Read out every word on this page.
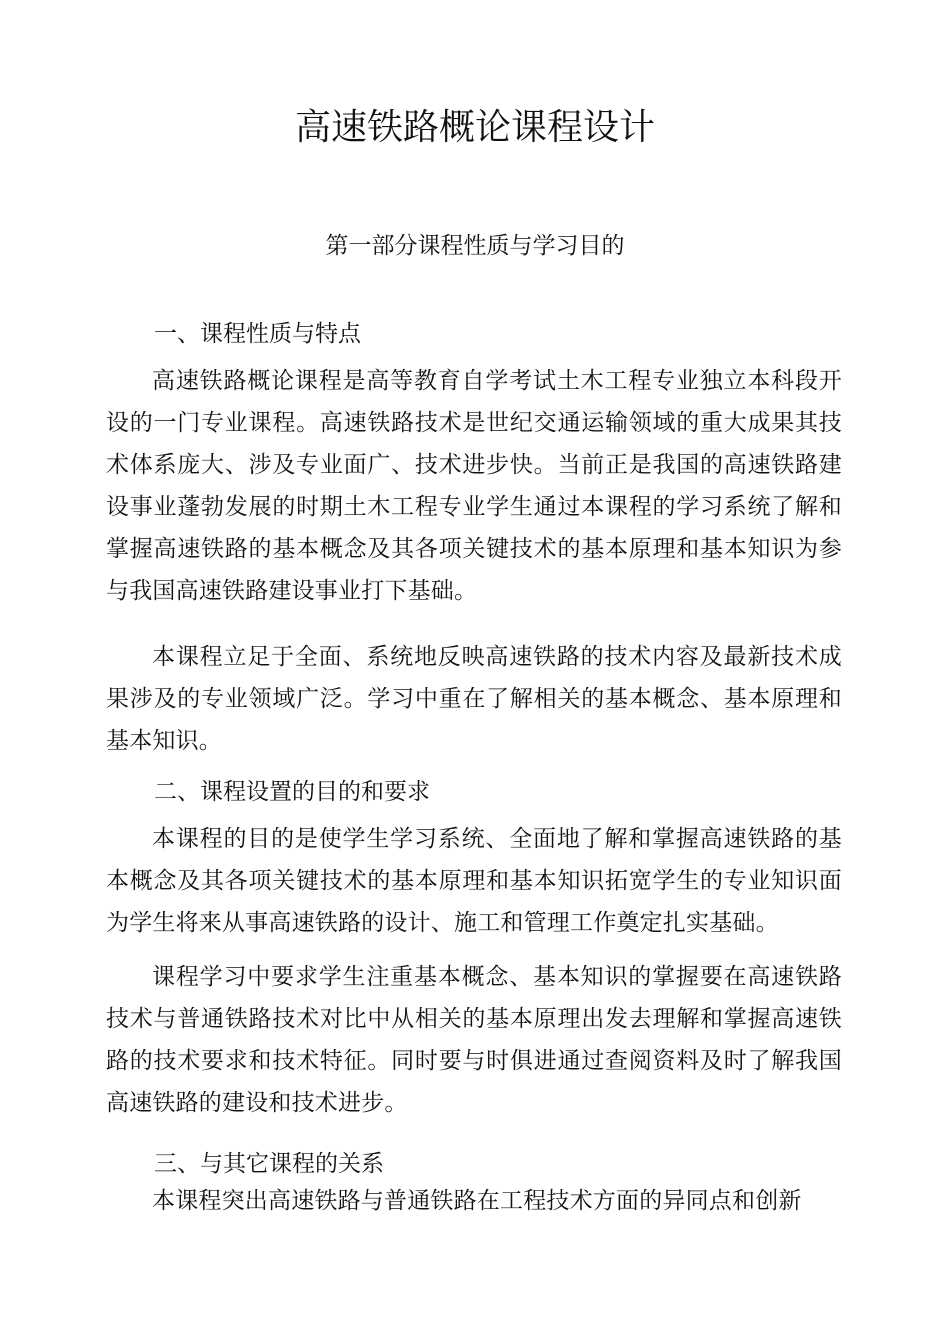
高速铁路概论课程设计
第一部分课程性质与学习目的
一、课程性质与特点
高速铁路概论课程是高等教育自学考试土木工程专业独立本科段开设的一门专业课程。高速铁路技术是世纪交通运输领域的重大成果其技术体系庞大、涉及专业面广、技术进步快。当前正是我国的高速铁路建设事业蓬勃发展的时期土木工程专业学生通过本课程的学习系统了解和掌握高速铁路的基本概念及其各项关键技术的基本原理和基本知识为参与我国高速铁路建设事业打下基础。
本课程立足于全面、系统地反映高速铁路的技术内容及最新技术成果涉及的专业领域广泛。学习中重在了解相关的基本概念、基本原理和基本知识。
二、课程设置的目的和要求
本课程的目的是使学生学习系统、全面地了解和掌握高速铁路的基本概念及其各项关键技术的基本原理和基本知识拓宽学生的专业知识面为学生将来从事高速铁路的设计、施工和管理工作奠定扎实基础。
课程学习中要求学生注重基本概念、基本知识的掌握要在高速铁路技术与普通铁路技术对比中从相关的基本原理出发去理解和掌握高速铁路的技术要求和技术特征。同时要与时俱进通过查阅资料及时了解我国高速铁路的建设和技术进步。
三、与其它课程的关系
本课程突出高速铁路与普通铁路在工程技术方面的异同点和创新
